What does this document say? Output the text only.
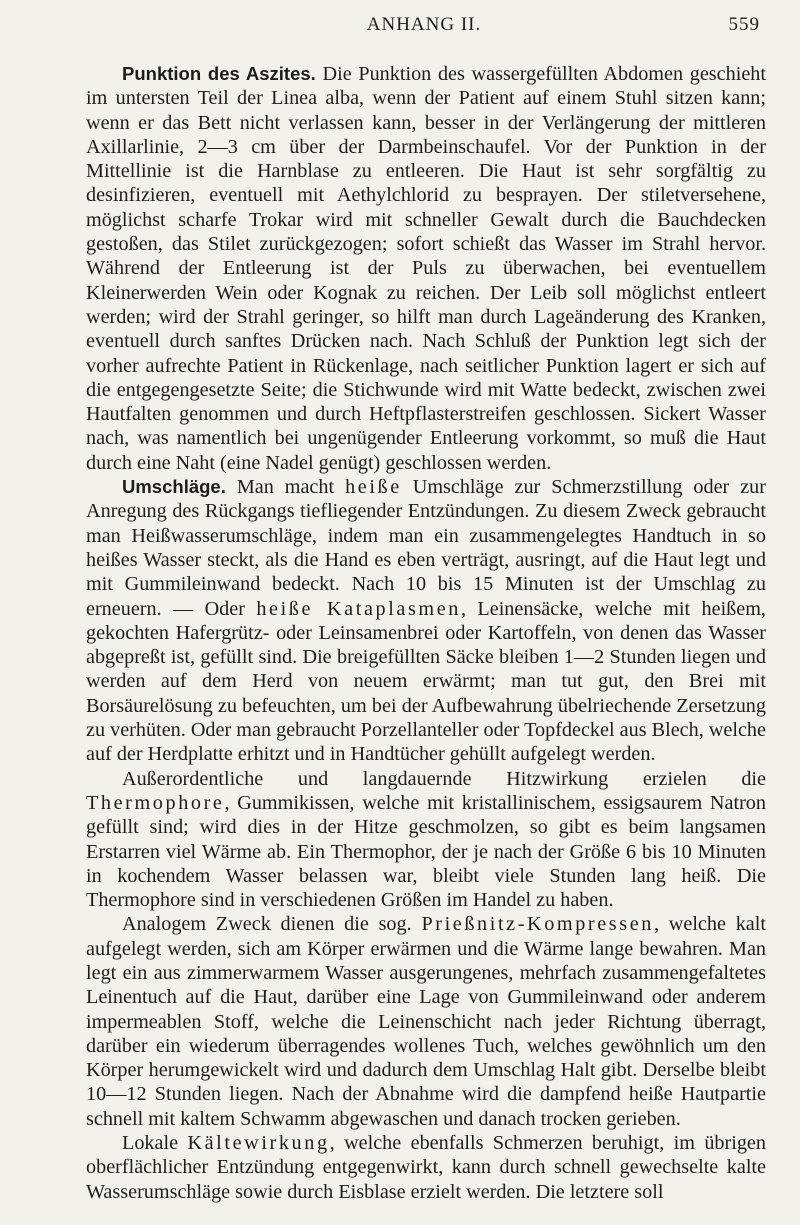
ANHANG II.	559

Punktion des Aszites. Die Punktion des wassergefüllten Abdomen geschieht im untersten Teil der Linea alba, wenn der Patient auf einem Stuhl sitzen kann; wenn er das Bett nicht verlassen kann, besser in der Verlängerung der mittleren Axillarlinie, 2—3 cm über der Darmbeinschaufel. Vor der Punktion in der Mittellinie ist die Harnblase zu entleeren. Die Haut ist sehr sorgfältig zu desinfizieren, eventuell mit Aethylchlorid zu besprayen. Der stiletversehene, möglichst scharfe Trokar wird mit schneller Gewalt durch die Bauchdecken gestoßen, das Stilet zurückgezogen; sofort schießt das Wasser im Strahl hervor. Während der Entleerung ist der Puls zu überwachen, bei eventuellem Kleinerwerden Wein oder Kognak zu reichen. Der Leib soll möglichst entleert werden; wird der Strahl geringer, so hilft man durch Lageänderung des Kranken, eventuell durch sanftes Drücken nach. Nach Schluß der Punktion legt sich der vorher aufrechte Patient in Rückenlage, nach seitlicher Punktion lagert er sich auf die entgegengesetzte Seite; die Stichwunde wird mit Watte bedeckt, zwischen zwei Hautfalten genommen und durch Heftpflasterstreifen geschlossen. Sickert Wasser nach, was namentlich bei ungenügender Entleerung vorkommt, so muß die Haut durch eine Naht (eine Nadel genügt) geschlossen werden.

Umschläge. Man macht heiße Umschläge zur Schmerzstillung oder zur Anregung des Rückgangs tiefliegender Entzündungen. Zu diesem Zweck gebraucht man Heißwasserumschläge, indem man ein zusammengelegtes Handtuch in so heißes Wasser steckt, als die Hand es eben verträgt, ausringt, auf die Haut legt und mit Gummileinwand bedeckt. Nach 10 bis 15 Minuten ist der Umschlag zu erneuern. — Oder heiße Kataplasmen, Leinensäcke, welche mit heißem, gekochten Hafergrütz- oder Leinsamenbrei oder Kartoffeln, von denen das Wasser abgepreßt ist, gefüllt sind. Die breigefüllten Säcke bleiben 1—2 Stunden liegen und werden auf dem Herd von neuem erwärmt; man tut gut, den Brei mit Borsäurelösung zu befeuchten, um bei der Aufbewahrung übelriechende Zersetzung zu verhüten. Oder man gebraucht Porzellanteller oder Topfdeckel aus Blech, welche auf der Herdplatte erhitzt und in Handtücher gehüllt aufgelegt werden.

Außerordentliche und langdauernde Hitzwirkung erzielen die Thermophore, Gummikissen, welche mit kristallinischem, essigsaurem Natron gefüllt sind; wird dies in der Hitze geschmolzen, so gibt es beim langsamen Erstarren viel Wärme ab. Ein Thermophor, der je nach der Größe 6 bis 10 Minuten in kochendem Wasser belassen war, bleibt viele Stunden lang heiß. Die Thermophore sind in verschiedenen Größen im Handel zu haben.

Analogem Zweck dienen die sog. Prießnitz-Kompressen, welche kalt aufgelegt werden, sich am Körper erwärmen und die Wärme lange bewahren. Man legt ein aus zimmerwarmem Wasser ausgerungenes, mehrfach zusammengefaltetes Leinentuch auf die Haut, darüber eine Lage von Gummileinwand oder anderem impermeablen Stoff, welche die Leinenschicht nach jeder Richtung überragt, darüber ein wiederum überragendes wollenes Tuch, welches gewöhnlich um den Körper herumgewickelt wird und dadurch dem Umschlag Halt gibt. Derselbe bleibt 10—12 Stunden liegen. Nach der Abnahme wird die dampfend heiße Hautpartie schnell mit kaltem Schwamm abgewaschen und danach trocken gerieben.

Lokale Kältewirkung, welche ebenfalls Schmerzen beruhigt, im übrigen oberflächlicher Entzündung entgegenwirkt, kann durch schnell gewechselte kalte Wasserumschläge sowie durch Eisblase erzielt werden. Die letztere soll
